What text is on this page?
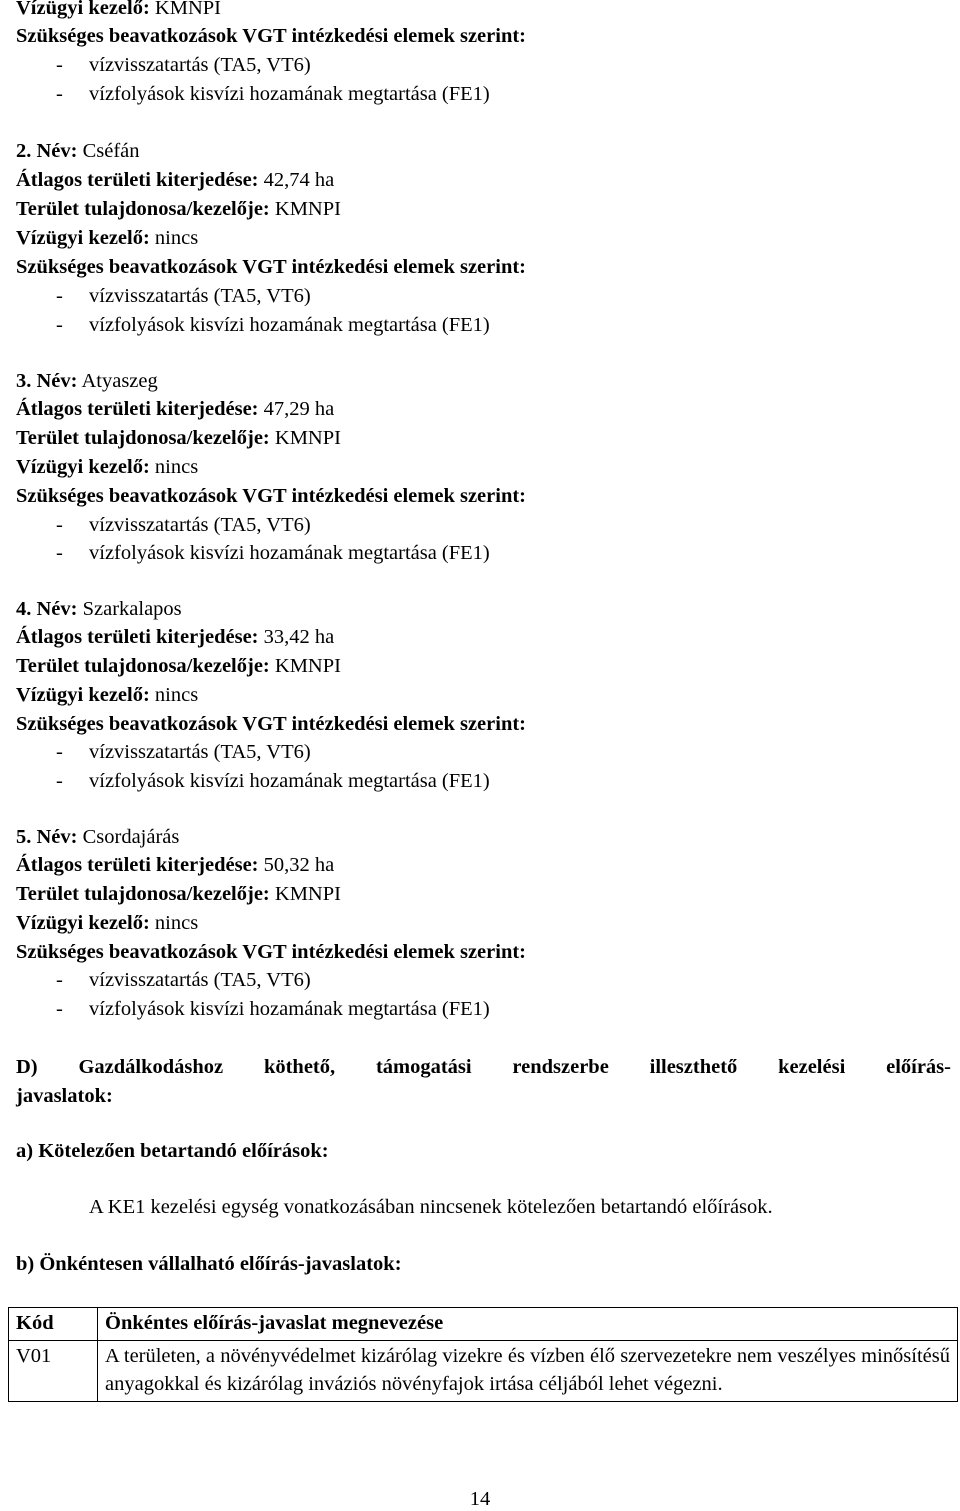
Vízügyi kezelő: KMNPI
Szükséges beavatkozások VGT intézkedési elemek szerint:
- vízvisszatartás (TA5, VT6)
- vízfolyások kisvízi hozamának megtartása (FE1)
2. Név: Cséfán
Átlagos területi kiterjedése: 42,74 ha
Terület tulajdonosa/kezelője: KMNPI
Vízügyi kezelő: nincs
Szükséges beavatkozások VGT intézkedési elemek szerint:
- vízvisszatartás (TA5, VT6)
- vízfolyások kisvízi hozamának megtartása (FE1)
3. Név: Atyaszeg
Átlagos területi kiterjedése: 47,29 ha
Terület tulajdonosa/kezelője: KMNPI
Vízügyi kezelő: nincs
Szükséges beavatkozások VGT intézkedési elemek szerint:
- vízvisszatartás (TA5, VT6)
- vízfolyások kisvízi hozamának megtartása (FE1)
4. Név: Szarkalapos
Átlagos területi kiterjedése: 33,42 ha
Terület tulajdonosa/kezelője: KMNPI
Vízügyi kezelő: nincs
Szükséges beavatkozások VGT intézkedési elemek szerint:
- vízvisszatartás (TA5, VT6)
- vízfolyások kisvízi hozamának megtartása (FE1)
5. Név: Csordajárás
Átlagos területi kiterjedése: 50,32 ha
Terület tulajdonosa/kezelője: KMNPI
Vízügyi kezelő: nincs
Szükséges beavatkozások VGT intézkedési elemek szerint:
- vízvisszatartás (TA5, VT6)
- vízfolyások kisvízi hozamának megtartása (FE1)
D) Gazdálkodáshoz köthető, támogatási rendszerbe illeszthető kezelési előírás-
javaslatok:
a) Kötelezően betartandó előírások:
A KE1 kezelési egység vonatkozásában nincsenek kötelezően betartandó előírások.
b) Önkéntesen vállalható előírás-javaslatok:
Kód	Önkéntes előírás-javaslat megnevezése
V01	A területen, a növényvédelmet kizárólag vizekre és vízben élő szervezetekre nem veszélyes minősítésű anyagokkal és kizárólag inváziós növényfajok irtása céljából lehet végezni.
14
